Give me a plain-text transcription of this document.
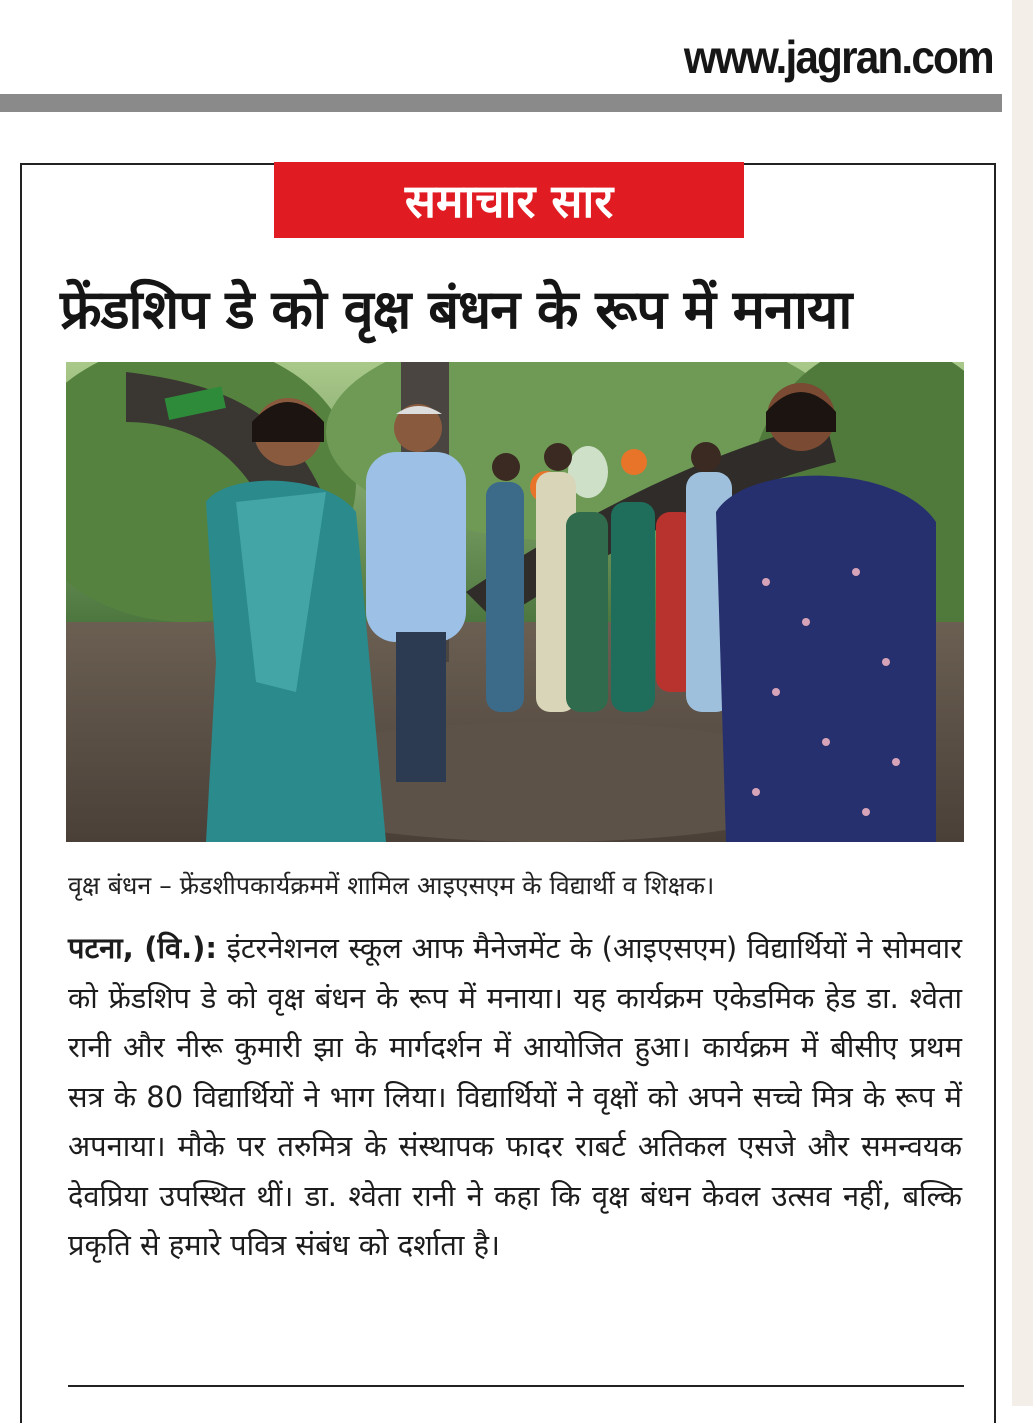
www.jagran.com
समाचार सार
फ्रेंडशिप डे को वृक्ष बंधन के रूप में मनाया
वृक्ष बंधन – फ्रेंडशीपकार्यक्रममें शामिल आइएसएम के विद्यार्थी व शिक्षक।
पटना, (वि.): इंटरनेशनल स्कूल आफ मैनेजमेंट के (आइएसएम) विद्यार्थियों ने सोमवार को फ्रेंडशिप डे को वृक्ष बंधन के रूप में मनाया। यह कार्यक्रम एकेडमिक हेड डा. श्वेता रानी और नीरू कुमारी झा के मार्गदर्शन में आयोजित हुआ। कार्यक्रम में बीसीए प्रथम सत्र के 80 विद्यार्थियों ने भाग लिया। विद्यार्थियों ने वृक्षों को अपने सच्चे मित्र के रूप में अपनाया। मौके पर तरुमित्र के संस्थापक फादर राबर्ट अतिकल एसजे और समन्वयक देवप्रिया उपस्थित थीं। डा. श्वेता रानी ने कहा कि वृक्ष बंधन केवल उत्सव नहीं, बल्कि प्रकृति से हमारे पवित्र संबंध को दर्शाता है।
